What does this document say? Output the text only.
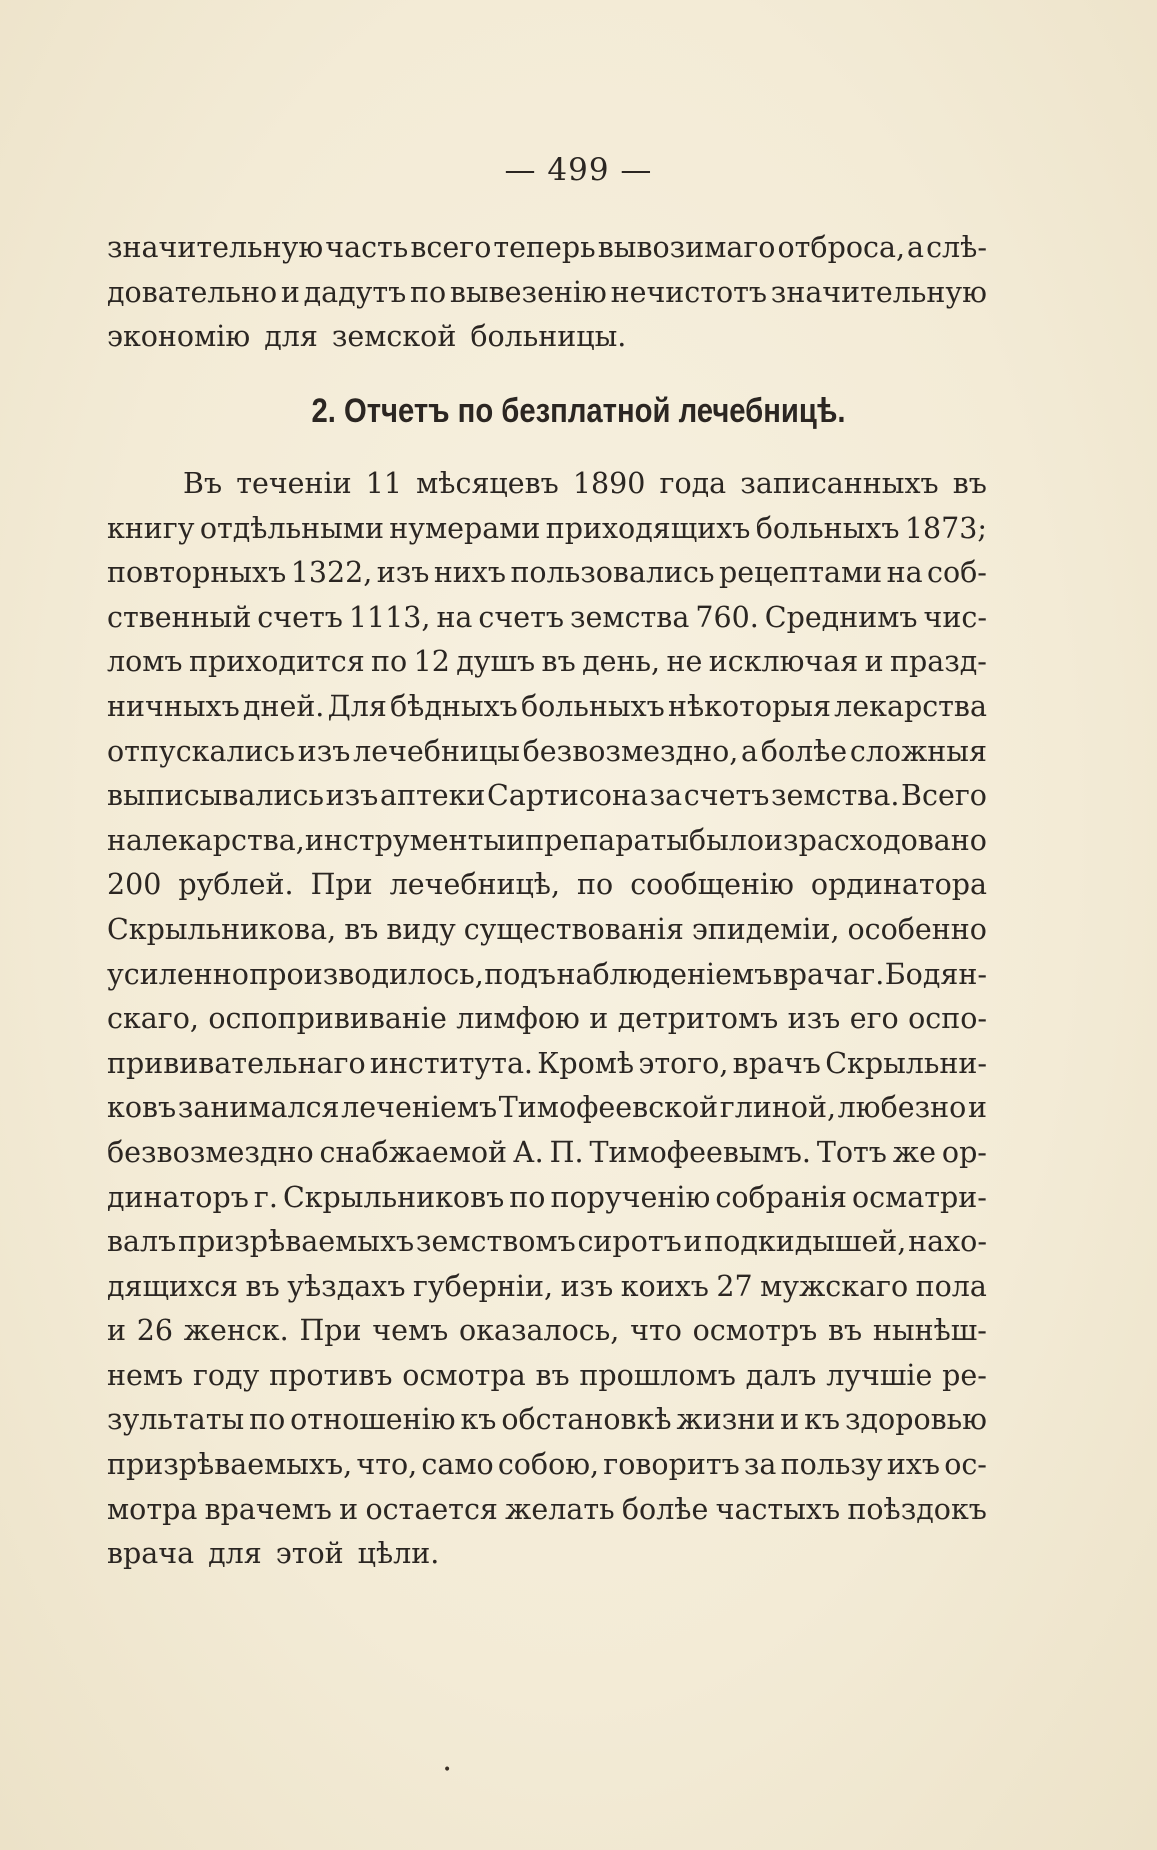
— 499 —
значительную часть всего теперь вывозимаго отброса, а слѣ-
довательно и дадутъ по вывезенію нечистотъ значительную
экономію для земской больницы.
2. Отчетъ по безплатной лечебницѣ.
Въ теченіи 11 мѣсяцевъ 1890 года записанныхъ въ
книгу отдѣльными нумерами приходящихъ больныхъ 1873;
повторныхъ 1322, изъ нихъ пользовались рецептами на соб-
ственный счетъ 1113, на счетъ земства 760. Среднимъ чис-
ломъ приходится по 12 душъ въ день, не исключая и празд-
ничныхъ дней. Для бѣдныхъ больныхъ нѣкоторыя лекарства
отпускались изъ лечебницы безвозмездно, а болѣе сложныя
выписывались изъ аптеки Сартисона за счетъ земства. Всего
на лекарства, инструменты и препараты было израсходовано
200 рублей. При лечебницѣ, по сообщенію ординатора
Скрыльникова, въ виду существованія эпидеміи, особенно
усиленно производилось, подъ наблюденіемъ врача г. Бодян-
скаго, оспопрививаніе лимфою и детритомъ изъ его оспо-
прививательнаго института. Кромѣ этого, врачъ Скрыльни-
ковъ занимался леченіемъ Тимофеевской глиной, любезно и
безвозмездно снабжаемой А. П. Тимофеевымъ. Тотъ же ор-
динаторъ г. Скрыльниковъ по порученію собранія осматри-
валъ призрѣваемыхъ земствомъ сиротъ и подкидышей, нахо-
дящихся въ уѣздахъ губерніи, изъ коихъ 27 мужскаго пола
и 26 женск. При чемъ оказалось, что осмотръ въ нынѣш-
немъ году противъ осмотра въ прошломъ далъ лучшіе ре-
зультаты по отношенію къ обстановкѣ жизни и къ здоровью
призрѣваемыхъ, что, само собою, говоритъ за пользу ихъ ос-
мотра врачемъ и остается желать болѣе частыхъ поѣздокъ
врача для этой цѣли.
•
